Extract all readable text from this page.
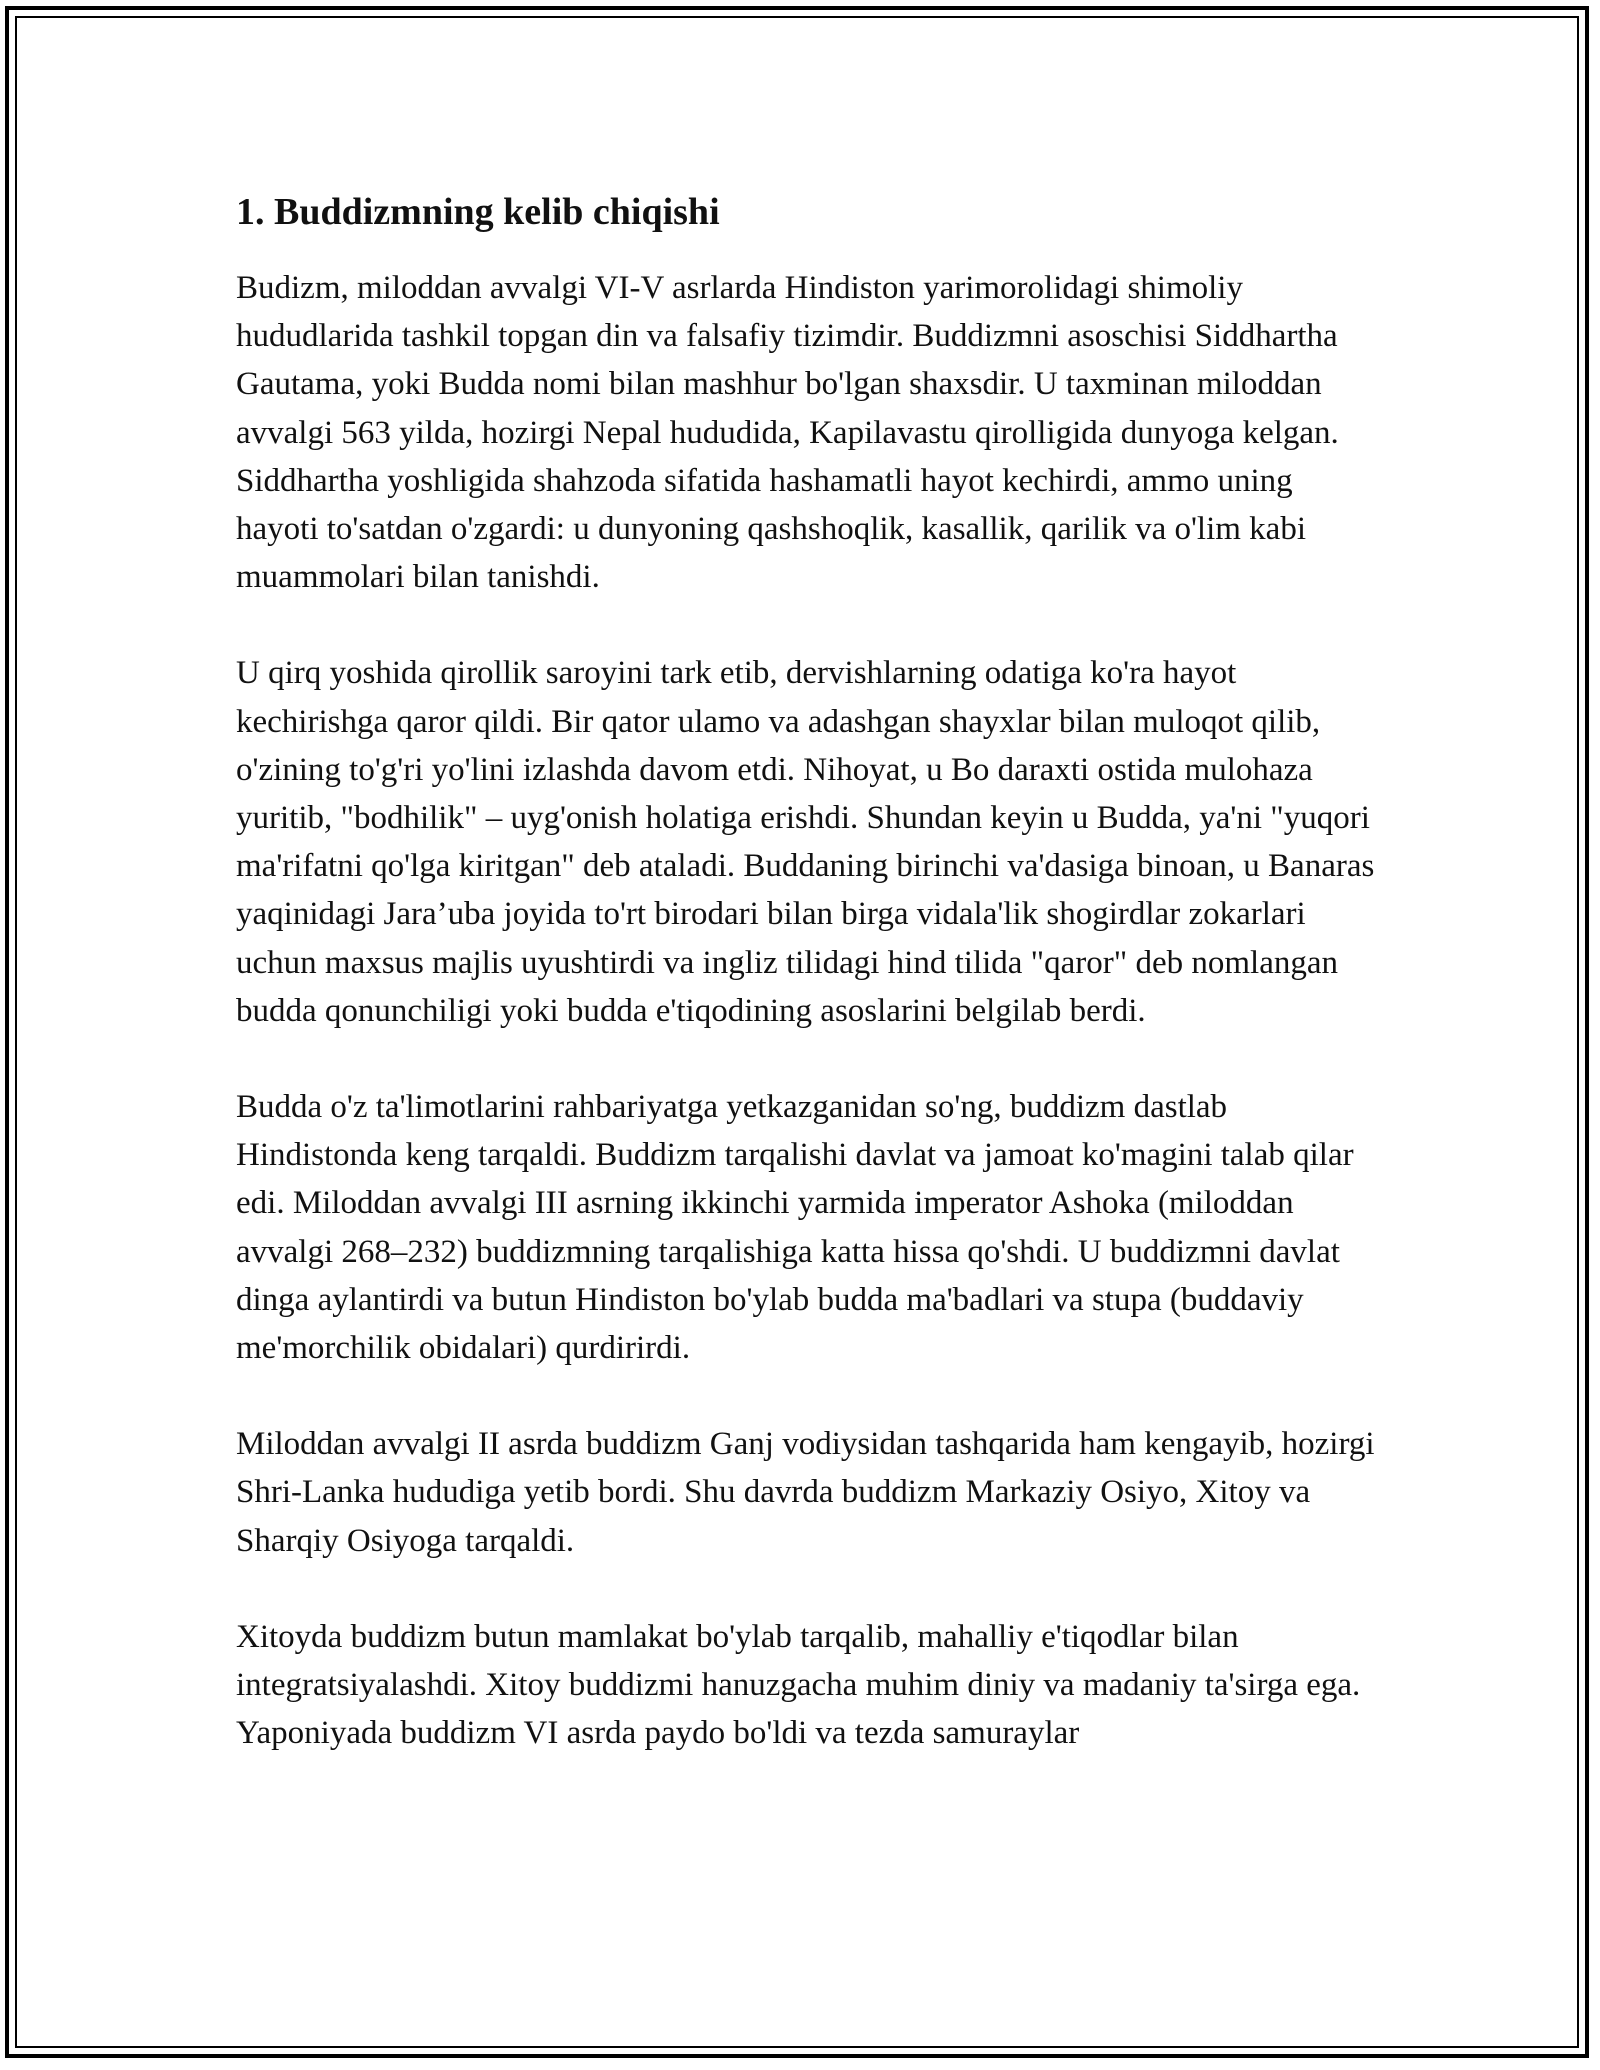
1. Buddizmning kelib chiqishi

Budizm, miloddan avvalgi VI-V asrlarda Hindiston yarimorolidagi shimoliy hududlarida tashkil topgan din va falsafiy tizimdir. Buddizmni asoschisi Siddhartha Gautama, yoki Budda nomi bilan mashhur bo'lgan shaxsdir. U taxminan miloddan avvalgi 563 yilda, hozirgi Nepal hududida, Kapilavastu qirolligida dunyoga kelgan. Siddhartha yoshligida shahzoda sifatida hashamatli hayot kechirdi, ammo uning hayoti to'satdan o'zgardi: u dunyoning qashshoqlik, kasallik, qarilik va o'lim kabi muammolari bilan tanishdi.

U qirq yoshida qirollik saroyini tark etib, dervishlarning odatiga ko'ra hayot kechirishga qaror qildi. Bir qator ulamo va adashgan shayxlar bilan muloqot qilib, o'zining to'g'ri yo'lini izlashda davom etdi. Nihoyat, u Bo daraxti ostida mulohaza yuritib, "bodhilik" – uyg'onish holatiga erishdi. Shundan keyin u Budda, ya'ni "yuqori ma'rifatni qo'lga kiritgan" deb ataladi. Buddaning birinchi va'dasiga binoan, u Banaras yaqinidagi Jara’uba joyida to'rt birodari bilan birga vidala'lik shogirdlar zokarlari uchun maxsus majlis uyushtirdi va ingliz tilidagi hind tilida "qaror" deb nomlangan budda qonunchiligi yoki budda e'tiqodining asoslarini belgilab berdi.

Budda o'z ta'limotlarini rahbariyatga yetkazganidan so'ng, buddizm dastlab Hindistonda keng tarqaldi. Buddizm tarqalishi davlat va jamoat ko'magini talab qilar edi. Miloddan avvalgi III asrning ikkinchi yarmida imperator Ashoka (miloddan avvalgi 268–232) buddizmning tarqalishiga katta hissa qo'shdi. U buddizmni davlat dinga aylantirdi va butun Hindiston bo'ylab budda ma'badlari va stupa (buddaviy me'morchilik obidalari) qurdirirdi.

Miloddan avvalgi II asrda buddizm Ganj vodiysidan tashqarida ham kengayib, hozirgi Shri-Lanka hududiga yetib bordi. Shu davrda buddizm Markaziy Osiyo, Xitoy va Sharqiy Osiyoga tarqaldi.

Xitoyda buddizm butun mamlakat bo'ylab tarqalib, mahalliy e'tiqodlar bilan integratsiyalashdi. Xitoy buddizmi hanuzgacha muhim diniy va madaniy ta'sirga ega. Yaponiyada buddizm VI asrda paydo bo'ldi va tezda samuraylar
